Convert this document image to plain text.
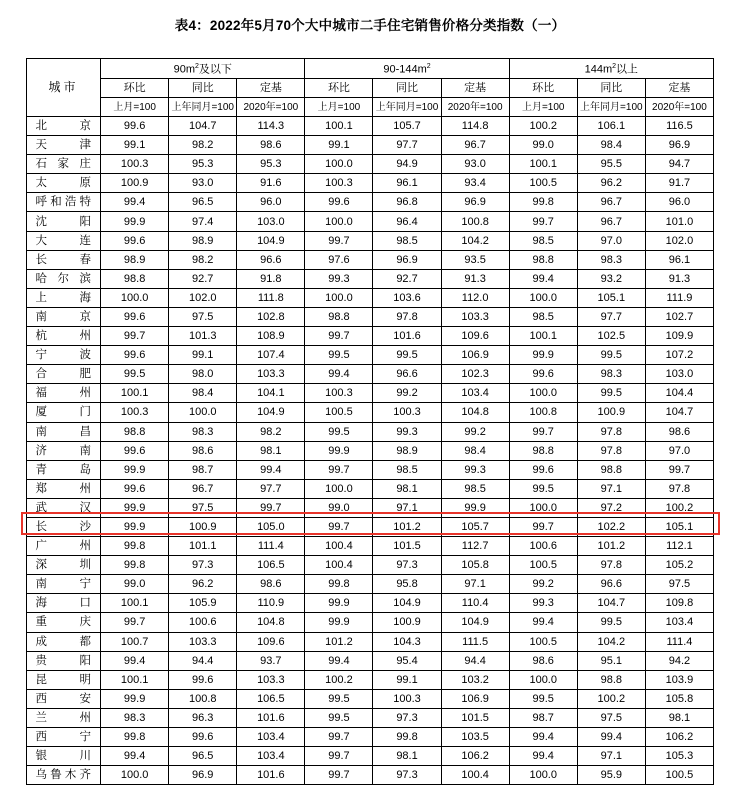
表4：2022年5月70个大中城市二手住宅销售价格分类指数（一）
城市	$90m^2$及以下			$90-144m^2$			$144m^2$以上		
	环比	同比	定基	环比	同比	定基	环比	同比	定基
	上月=100	上年同月=100	2020年=100	上月=100	上年同月=100	2020年=100	上月=100	上年同月=100	2020年=100
北 京	99.6	104.7	114.3	100.1	105.7	114.8	100.2	106.1	116.5
天 津	99.1	98.2	98.6	99.1	97.7	96.7	99.0	98.4	96.9
石家庄	100.3	95.3	95.3	100.0	94.9	93.0	100.1	95.5	94.7
太 原	100.9	93.0	91.6	100.3	96.1	93.4	100.5	96.2	91.7
呼和浩特	99.4	96.5	96.0	99.6	96.8	96.9	99.8	96.7	96.0
沈 阳	99.9	97.4	103.0	100.0	96.4	100.8	99.7	96.7	101.0
大 连	99.6	98.9	104.9	99.7	98.5	104.2	98.5	97.0	102.0
长 春	98.9	98.2	96.6	97.6	96.9	93.5	98.8	98.3	96.1
哈尔滨	98.8	92.7	91.8	99.3	92.7	91.3	99.4	93.2	91.3
上 海	100.0	102.0	111.8	100.0	103.6	112.0	100.0	105.1	111.9
南 京	99.6	97.5	102.8	98.8	97.8	103.3	98.5	97.7	102.7
杭 州	99.7	101.3	108.9	99.7	101.6	109.6	100.1	102.5	109.9
宁 波	99.6	99.1	107.4	99.5	99.5	106.9	99.9	99.5	107.2
合 肥	99.5	98.0	103.3	99.4	96.6	102.3	99.6	98.3	103.0
福 州	100.1	98.4	104.1	100.3	99.2	103.4	100.0	99.5	104.4
厦 门	100.3	100.0	104.9	100.5	100.3	104.8	100.8	100.9	104.7
南 昌	98.8	98.3	98.2	99.5	99.3	99.2	99.7	97.8	98.6
济 南	99.6	98.6	98.1	99.9	98.9	98.4	98.8	97.8	97.0
青 岛	99.9	98.7	99.4	99.7	98.5	99.3	99.6	98.8	99.7
郑 州	99.6	96.7	97.7	100.0	98.1	98.5	99.5	97.1	97.8
武 汉	99.9	97.5	99.7	99.0	97.1	99.9	100.0	97.2	100.2
长 沙	99.9	100.9	105.0	99.7	101.2	105.7	99.7	102.2	105.1
广 州	99.8	101.1	111.4	100.4	101.5	112.7	100.6	101.2	112.1
深 圳	99.8	97.3	106.5	100.4	97.3	105.8	100.5	97.8	105.2
南 宁	99.0	96.2	98.6	99.8	95.8	97.1	99.2	96.6	97.5
海 口	100.1	105.9	110.9	99.9	104.9	110.4	99.3	104.7	109.8
重 庆	99.7	100.6	104.8	99.9	100.9	104.9	99.4	99.5	103.4
成 都	100.7	103.3	109.6	101.2	104.3	111.5	100.5	104.2	111.4
贵 阳	99.4	94.4	93.7	99.4	95.4	94.4	98.6	95.1	94.2
昆 明	100.1	99.6	103.3	100.2	99.1	103.2	100.0	98.8	103.9
西 安	99.9	100.8	106.5	99.5	100.3	106.9	99.5	100.2	105.8
兰 州	98.3	96.3	101.6	99.5	97.3	101.5	98.7	97.5	98.1
西 宁	99.8	99.6	103.4	99.7	99.8	103.5	99.4	99.4	106.2
银 川	99.4	96.5	103.4	99.7	98.1	106.2	99.4	97.1	105.3
乌鲁木齐	100.0	96.9	101.6	99.7	97.3	100.4	100.0	95.9	100.5
